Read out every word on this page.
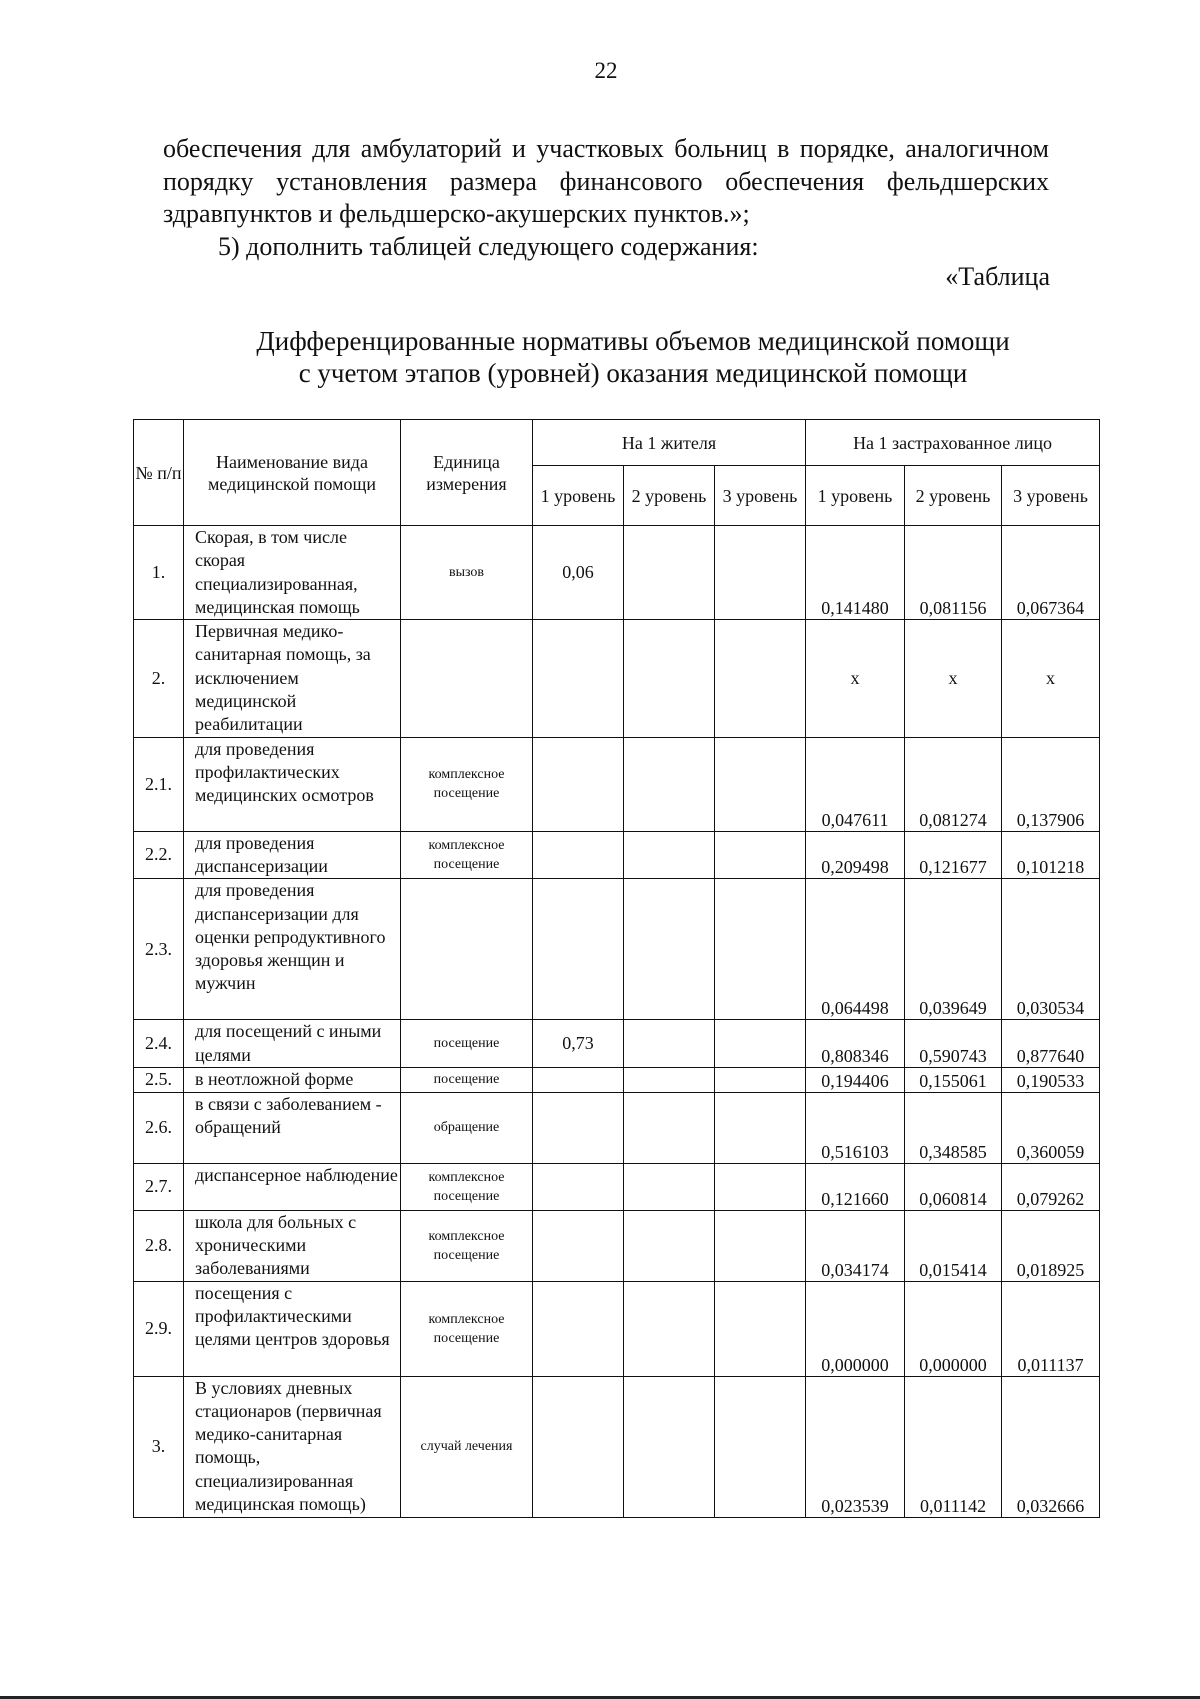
22

обеспечения для амбулаторий и участковых больниц в порядке, аналогичном порядку установления размера финансового обеспечения фельдшерских здравпунктов и фельдшерско-акушерских пунктов.»;

5) дополнить таблицей следующего содержания:

«Таблица
Дифференцированные нормативы объемов медицинской помощи
с учетом этапов (уровней) оказания медицинской помощи
№ п/п	Наименование вида медицинской помощи	Единица измерения	На 1 жителя			На 1 застрахованное лицо		
			1 уровень	2 уровень	3 уровень	1 уровень	2 уровень	3 уровень
1.	Скорая, в том числе скорая специализированная, медицинская помощь	вызов	0,06			0,141480	0,081156	0,067364
2.	Первичная медико-санитарная помощь, за исключением медицинской реабилитации					х	х	х
2.1.	для проведения профилактических медицинских осмотров	комплексное посещение				0,047611	0,081274	0,137906
2.2.	для проведения диспансеризации	комплексное посещение				0,209498	0,121677	0,101218
2.3.	для проведения диспансеризации для оценки репродуктивного здоровья женщин и мужчин					0,064498	0,039649	0,030534
2.4.	для посещений с иными целями	посещение	0,73			0,808346	0,590743	0,877640
2.5.	в неотложной форме	посещение				0,194406	0,155061	0,190533
2.6.	в связи с заболеванием - обращений	обращение				0,516103	0,348585	0,360059
2.7.	диспансерное наблюдение	комплексное посещение				0,121660	0,060814	0,079262
2.8.	школа для больных с хроническими заболеваниями	комплексное посещение				0,034174	0,015414	0,018925
2.9.	посещения с профилактическими целями центров здоровья	комплексное посещение				0,000000	0,000000	0,011137
3.	В условиях дневных стационаров (первичная медико-санитарная помощь, специализированная медицинская помощь)	случай лечения				0,023539	0,011142	0,032666
